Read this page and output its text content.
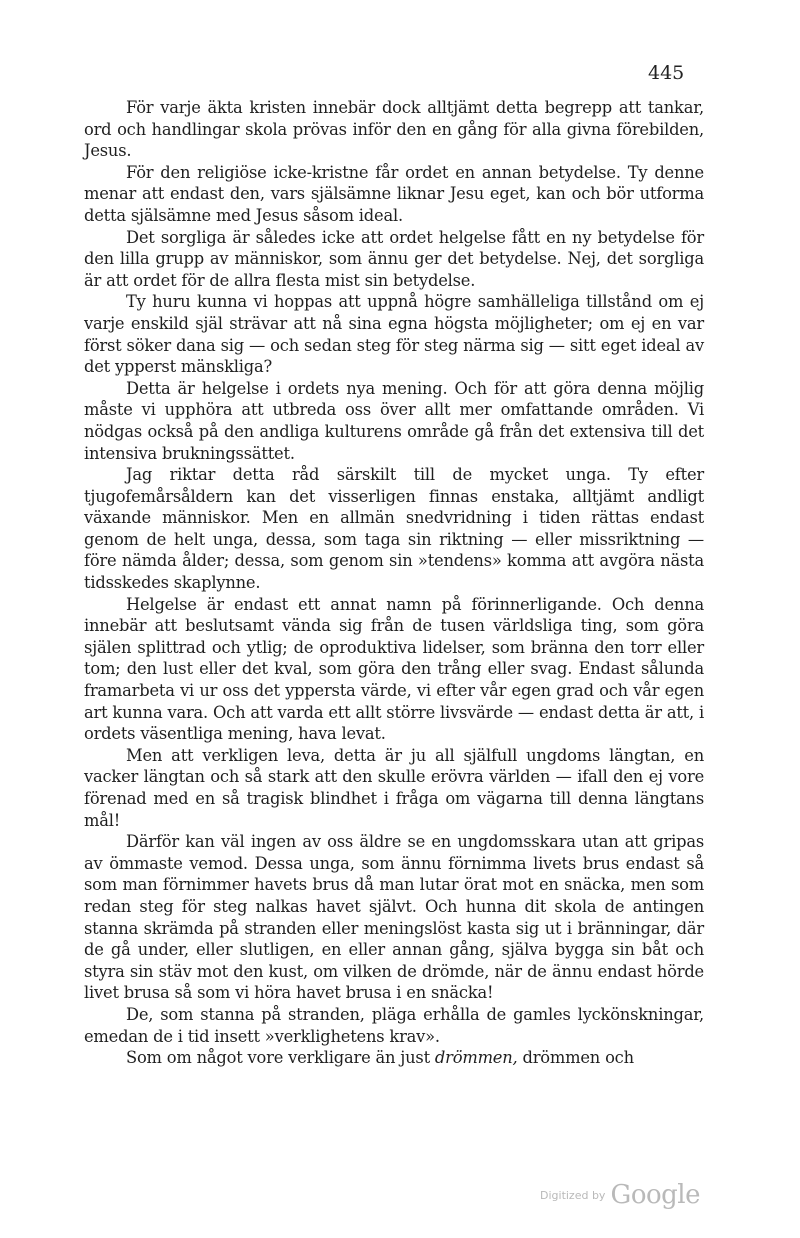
445

För varje äkta kristen innebär dock alltjämt detta begrepp att tankar, ord och handlingar skola prövas inför den en gång för alla givna förebilden, Jesus.

För den religiöse icke-kristne får ordet en annan betydelse. Ty denne menar att endast den, vars själsämne liknar Jesu eget, kan och bör utforma detta själsämne med Jesus såsom ideal.

Det sorgliga är således icke att ordet helgelse fått en ny betydelse för den lilla grupp av människor, som ännu ger det betydelse. Nej, det sorgliga är att ordet för de allra flesta mist sin betydelse.

Ty huru kunna vi hoppas att uppnå högre samhälleliga tillstånd om ej varje enskild själ strävar att nå sina egna högsta möjligheter; om ej en var först söker dana sig — och sedan steg för steg närma sig — sitt eget ideal av det ypperst mänskliga?

Detta är helgelse i ordets nya mening. Och för att göra denna möjlig måste vi upphöra att utbreda oss över allt mer omfattande områden. Vi nödgas också på den andliga kulturens område gå från det extensiva till det intensiva brukningssättet.

Jag riktar detta råd särskilt till de mycket unga. Ty efter tjugofemårsåldern kan det visserligen finnas enstaka, alltjämt andligt växande människor. Men en allmän snedvridning i tiden rättas endast genom de helt unga, dessa, som taga sin riktning — eller missriktning — före nämda ålder; dessa, som genom sin »tendens» komma att avgöra nästa tidsskedes skaplynne.

Helgelse är endast ett annat namn på förinnerligande. Och denna innebär att beslutsamt vända sig från de tusen världsliga ting, som göra själen splittrad och ytlig; de oproduktiva lidelser, som bränna den torr eller tom; den lust eller det kval, som göra den trång eller svag. Endast sålunda framarbeta vi ur oss det yppersta värde, vi efter vår egen grad och vår egen art kunna vara. Och att varda ett allt större livsvärde — endast detta är att, i ordets väsentliga mening, hava levat.

Men att verkligen leva, detta är ju all själfull ungdoms längtan, en vacker längtan och så stark att den skulle erövra världen — ifall den ej vore förenad med en så tragisk blindhet i fråga om vägarna till denna längtans mål!

Därför kan väl ingen av oss äldre se en ungdomsskara utan att gripas av ömmaste vemod. Dessa unga, som ännu förnimma livets brus endast så som man förnimmer havets brus då man lutar örat mot en snäcka, men som redan steg för steg nalkas havet självt. Och hunna dit skola de antingen stanna skrämda på stranden eller meningslöst kasta sig ut i bränningar, där de gå under, eller slutligen, en eller annan gång, själva bygga sin båt och styra sin stäv mot den kust, om vilken de drömde, när de ännu endast hörde livet brusa så som vi höra havet brusa i en snäcka!

De, som stanna på stranden, pläga erhålla de gamles lyckönskningar, emedan de i tid insett »verklighetens krav».

Som om något vore verkligare än just drömmen, drömmen och

$^{Digitized by}$ Google
